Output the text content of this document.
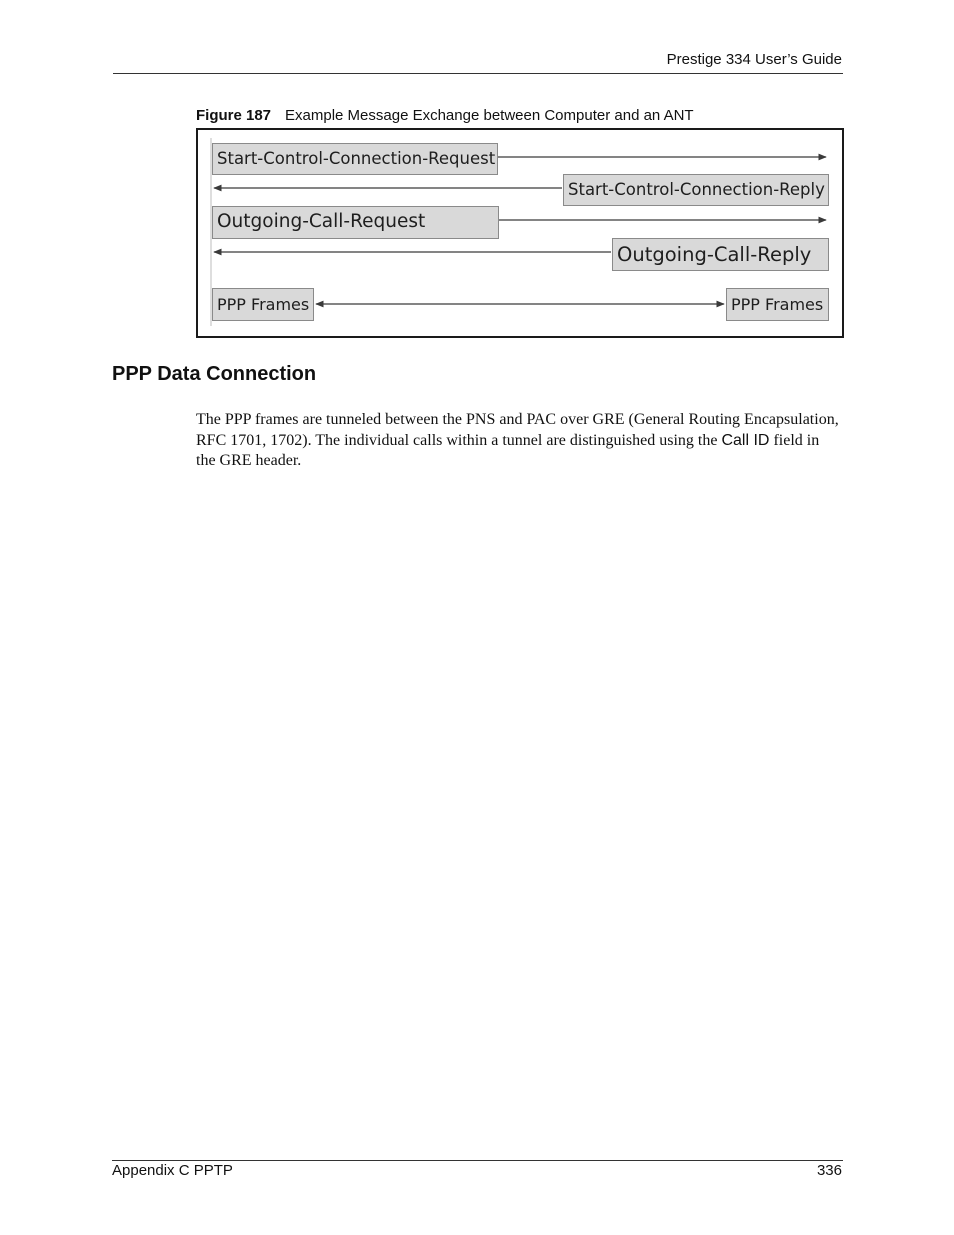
Prestige 334 User’s Guide
Figure 187 Example Message Exchange between Computer and an ANT
Start-Control-Connection-Request
Start-Control-Connection-Reply
Outgoing-Call-Request
Outgoing-Call-Reply
PPP Frames	PPP Frames
PPP Data Connection
The PPP frames are tunneled between the PNS and PAC over GRE (General Routing Encapsulation, RFC 1701, 1702). The individual calls within a tunnel are distinguished using the Call ID field in the GRE header.
Appendix C PPTP	336
